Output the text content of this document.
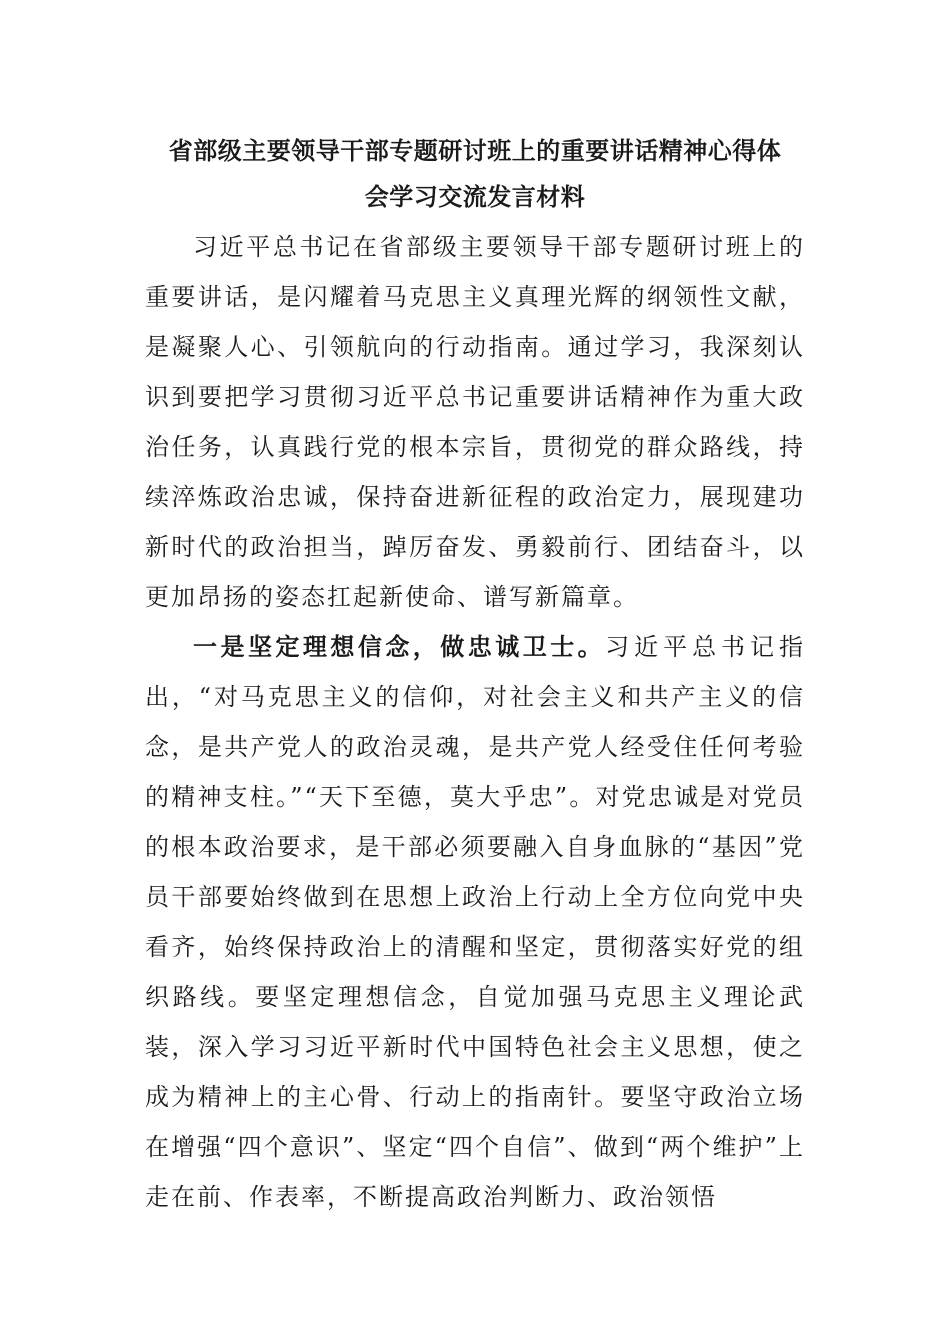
省部级主要领导干部专题研讨班上的重要讲话精神心得体
会学习交流发言材料

习近平总书记在省部级主要领导干部专题研讨班上的重要讲话，是闪耀着马克思主义真理光辉的纲领性文献，是凝聚人心、引领航向的行动指南。通过学习，我深刻认识到要把学习贯彻习近平总书记重要讲话精神作为重大政治任务，认真践行党的根本宗旨，贯彻党的群众路线，持续淬炼政治忠诚，保持奋进新征程的政治定力，展现建功新时代的政治担当，踔厉奋发、勇毅前行、团结奋斗，以更加昂扬的姿态扛起新使命、谱写新篇章。

一是坚定理想信念，做忠诚卫士。习近平总书记指出，“对马克思主义的信仰，对社会主义和共产主义的信念，是共产党人的政治灵魂，是共产党人经受住任何考验的精神支柱。”“天下至德，莫大乎忠”。对党忠诚是对党员的根本政治要求，是干部必须要融入自身血脉的“基因”党员干部要始终做到在思想上政治上行动上全方位向党中央看齐，始终保持政治上的清醒和坚定，贯彻落实好党的组织路线。要坚定理想信念，自觉加强马克思主义理论武装，深入学习习近平新时代中国特色社会主义思想，使之成为精神上的主心骨、行动上的指南针。要坚守政治立场在增强“四个意识”、坚定“四个自信”、做到“两个维护”上走在前、作表率，不断提高政治判断力、政治领悟
